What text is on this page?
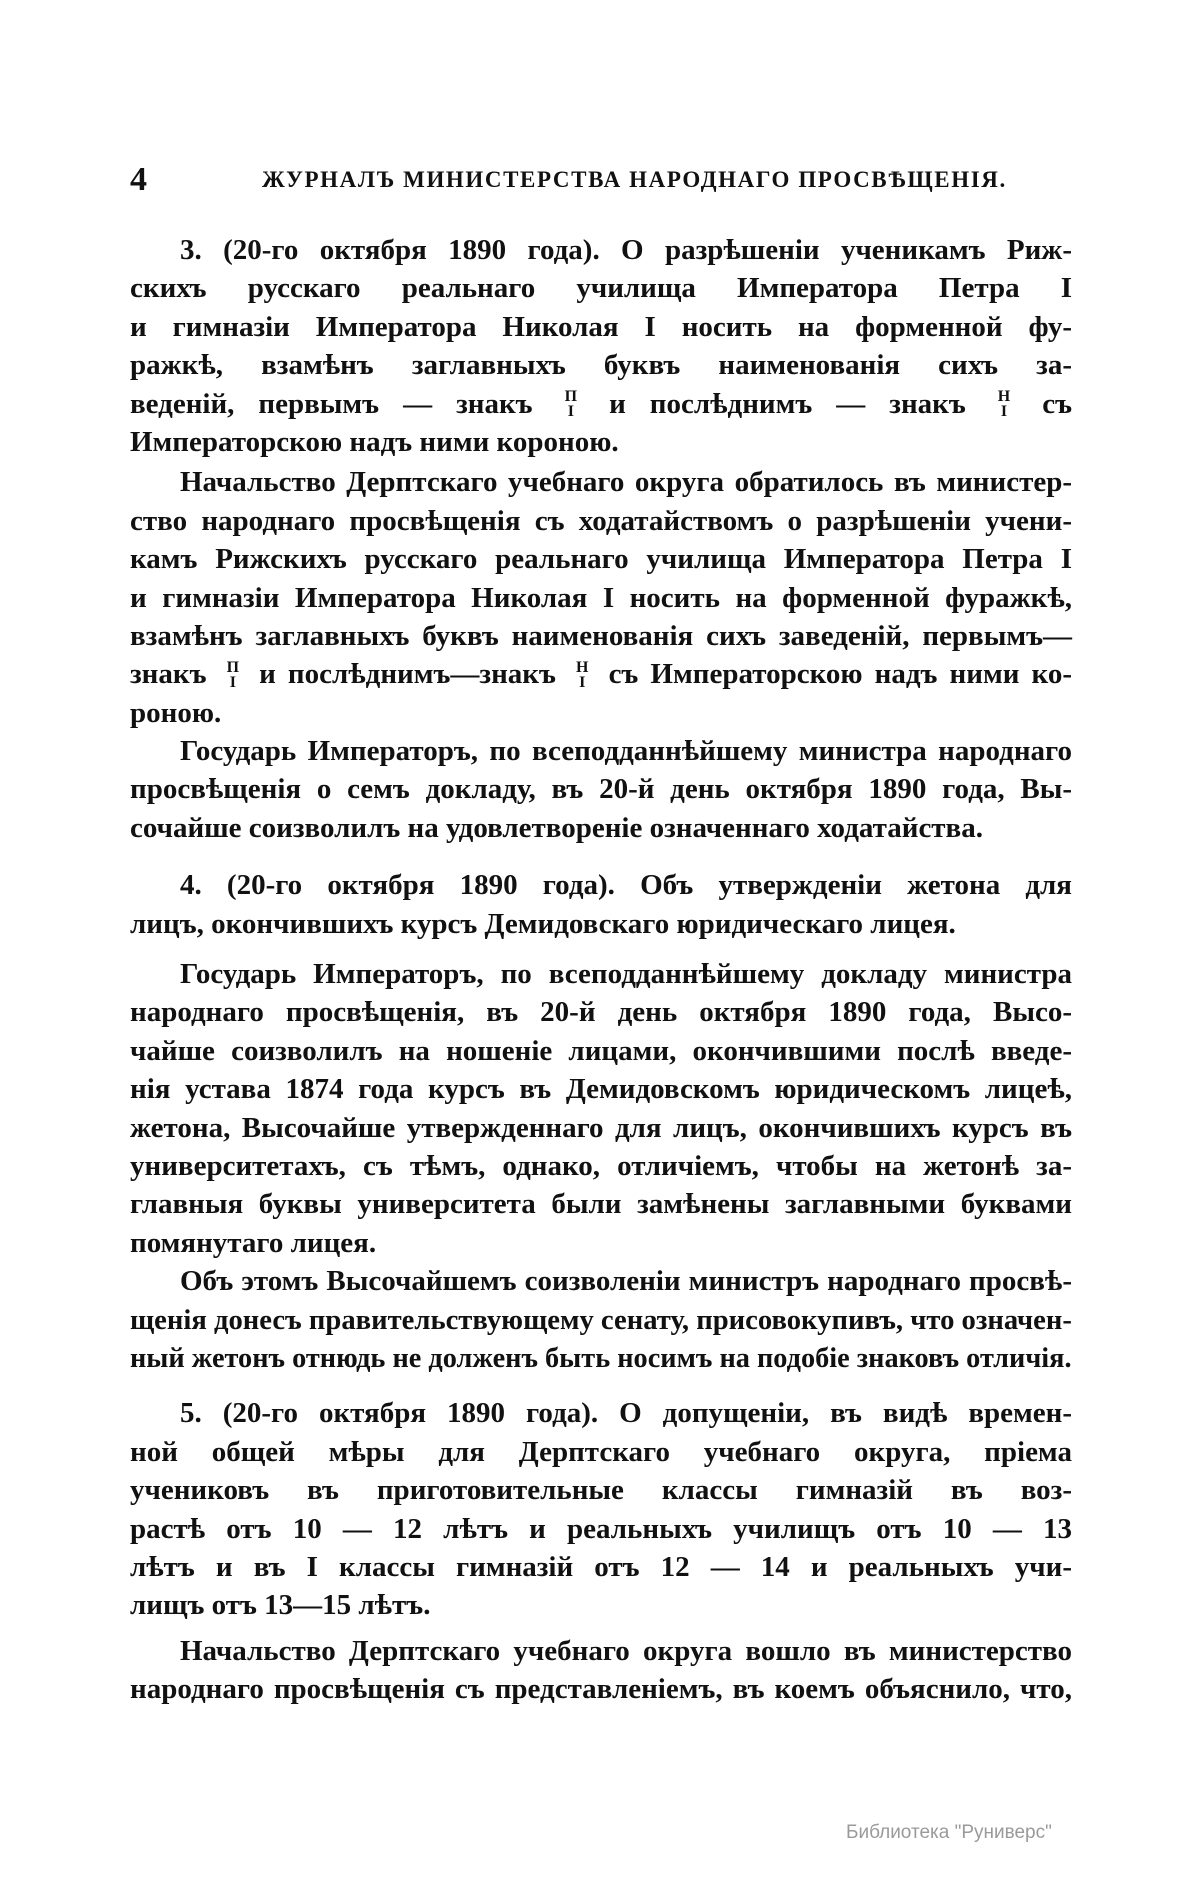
4	ЖУРНАЛЪ МИНИСТЕРСТВА НАРОДНАГО ПРОСВѢЩЕНІЯ.
3. (20-го октября 1890 года). О разрѣшеніи ученикамъ Риж-
скихъ русскаго реальнаго училища Императора Петра I
и гимназіи Императора Николая I носить на форменной фу-
ражкѣ, взамѣнъ заглавныхъ буквъ наименованія сихъ за-
веденій, первымъ — знакъ П
I и послѣднимъ — знакъ Н
I съ
Императорскою надъ ними короною.
Начальство Дерптскаго учебнаго округа обратилось въ министер-
ство народнаго просвѣщенія съ ходатайствомъ о разрѣшеніи учени-
камъ Рижскихъ русскаго реальнаго училища Императора Петра I
и гимназіи Императора Николая I носить на форменной фуражкѣ,
взамѣнъ заглавныхъ буквъ наименованія сихъ заведеній, первымъ—
знакъ П
I и послѣднимъ—знакъ Н
I съ Императорскою надъ ними ко-
роною.
Государь Императоръ, по всеподданнѣйшему министра народнаго
просвѣщенія о семъ докладу, въ 20-й день октября 1890 года, Вы-
сочайше соизволилъ на удовлетвореніе означеннаго ходатайства.
4. (20-го октября 1890 года). Объ утвержденіи жетона для
лицъ, окончившихъ курсъ Демидовскаго юридическаго лицея.
Государь Императоръ, по всеподданнѣйшему докладу министра
народнаго просвѣщенія, въ 20-й день октября 1890 года, Высо-
чайше соизволилъ на ношеніе лицами, окончившими послѣ введе-
нія устава 1874 года курсъ въ Демидовскомъ юридическомъ лицеѣ,
жетона, Высочайше утвержденнаго для лицъ, окончившихъ курсъ въ
университетахъ, съ тѣмъ, однако, отличіемъ, чтобы на жетонѣ за-
главныя буквы университета были замѣнены заглавными буквами
помянутаго лицея.
Объ этомъ Высочайшемъ соизволеніи министръ народнаго просвѣ-
щенія донесъ правительствующему сенату, присовокупивъ, что означен-
ный жетонъ отнюдь не долженъ быть носимъ на подобіе знаковъ отличія.
5. (20-го октября 1890 года). О допущеніи, въ видѣ времен-
ной общей мѣры для Дерптскаго учебнаго округа, пріема
учениковъ въ приготовительные классы гимназій въ воз-
растѣ отъ 10 — 12 лѣтъ и реальныхъ училищъ отъ 10 — 13
лѣтъ и въ I классы гимназій отъ 12 — 14 и реальныхъ учи-
лищъ отъ 13—15 лѣтъ.
Начальство Дерптскаго учебнаго округа вошло въ министерство
народнаго просвѣщенія съ представленіемъ, въ коемъ объяснило, что,
Библиотека "Руниверс"
